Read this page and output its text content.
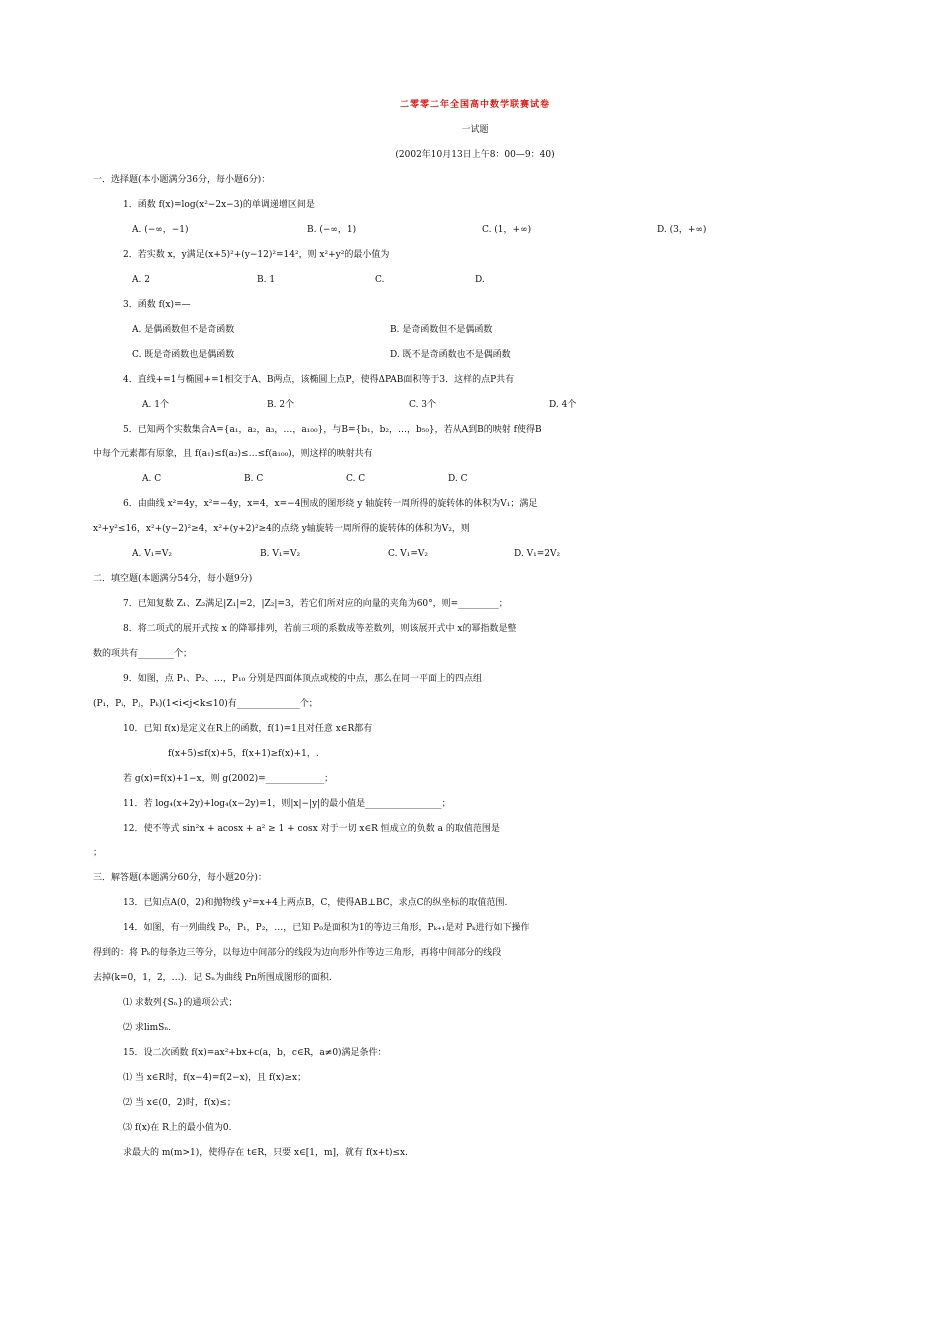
二零零二年全国高中数学联赛试卷
一试题
(2002年10月13日上午8：00—9：40)
一．选择题(本小题满分36分，每小题6分)：
1．函数 f(x)=log(x²−2x−3)的单调递增区间是
A. (−∞，−1)	B. (−∞，1)	C. (1，+∞)	D. (3，+∞)
2．若实数 x，y满足(x+5)²+(y−12)²=14²，则 x²+y²的最小值为
A. 2	B. 1	C.	D.
3．函数 f(x)=—
A. 是偶函数但不是奇函数	B. 是奇函数但不是偶函数
C. 既是奇函数也是偶函数	D. 既不是奇函数也不是偶函数
4．直线+=1与椭圆+=1相交于A、B两点，该椭圆上点P，使得ΔPAB面积等于3．这样的点P共有
A. 1个	B. 2个	C. 3个	D. 4个
5．已知两个实数集合A={a₁，a₂，a₃，…，a₁₀₀}，与B={b₁，b₂，…，b₅₀}，若从A到B的映射 f使得B
中每个元素都有原象，且 f(a₁)≤f(a₂)≤…≤f(a₁₀₀)，则这样的映射共有
A. C	B. C	C. C	D. C
6．由曲线 x²=4y，x²=−4y，x=4，x=−4围成的图形绕 y 轴旋转一周所得的旋转体的体积为V₁；满足
x²+y²≤16，x²+(y−2)²≥4，x²+(y+2)²≥4的点绕 y轴旋转一周所得的旋转体的体积为V₂，则
A. V₁=V₂	B. V₁=V₂	C. V₁=V₂	D. V₁=2V₂
二．填空题(本题满分54分，每小题9分)
7．已知复数 Z₁、Z₂满足|Z₁|=2，|Z₂|=3，若它们所对应的向量的夹角为60°，则=_________；
8．将二项式的展开式按 x 的降幂排列，若前三项的系数成等差数列，则该展开式中 x的幂指数是整
数的项共有________个；
9．如图，点 P₁、P₂、…，P₁₀ 分别是四面体顶点或棱的中点，那么在同一平面上的四点组
(P₁，Pᵢ，Pⱼ，Pₖ)(1<i<j<k≤10)有______________个；
10．已知 f(x)是定义在R上的函数，f(1)=1且对任意 x∈R都有
f(x+5)≤f(x)+5，f(x+1)≥f(x)+1，.
若 g(x)=f(x)+1−x，则 g(2002)=_____________；
11．若 log₄(x+2y)+log₄(x−2y)=1，则|x|−|y|的最小值是_________________；
12．使不等式 sin²x + acosx + a² ≥ 1 + cosx 对于一切 x∈R 恒成立的负数 a 的取值范围是
；
三．解答题(本题满分60分，每小题20分)：
13．已知点A(0，2)和抛物线 y²=x+4上两点B，C，使得AB⊥BC，求点C的纵坐标的取值范围.
14．如图，有一列曲线 P₀，P₁，P₂，…，已知 P₀是面积为1的等边三角形，Pₖ₊₁是对 Pₖ进行如下操作
得到的：将 Pₖ的每条边三等分，以每边中间部分的线段为边向形外作等边三角形，再将中间部分的线段
去掉(k=0，1，2，…)．记 Sₙ为曲线 Pn所围成图形的面积.
⑴ 求数列{Sₙ}的通项公式；
⑵ 求limSₙ.
15．设二次函数 f(x)=ax²+bx+c(a，b，c∈R，a≠0)满足条件：
⑴ 当 x∈R时，f(x−4)=f(2−x)，且 f(x)≥x；
⑵ 当 x∈(0，2)时，f(x)≤；
⑶ f(x)在 R上的最小值为0.
求最大的 m(m>1)，使得存在 t∈R，只要 x∈[1，m]，就有 f(x+t)≤x.
